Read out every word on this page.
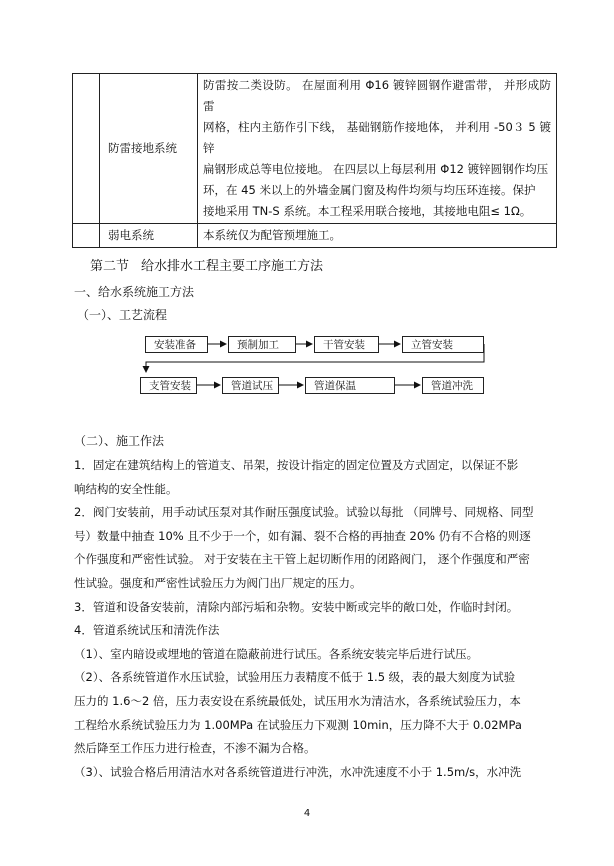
	防雷接地系统	防雷按二类设防。 在屋面利用 Φ16 镀锌圆钢作避雷带， 并形成防雷
网格，柱内主筋作引下线， 基础钢筋作接地体， 并利用 -50３ 5 镀锌
扁钢形成总等电位接地。 在四层以上每层利用 Φ12 镀锌圆钢作均压
环，在 45 米以上的外墙金属门窗及构件均须与均压环连接。保护
接地采用 TN-S 系统。本工程采用联合接地，其接地电阻≤ 1Ω。

	弱电系统	本系统仅为配管预埋施工。
第二节 给水排水工程主要工序施工方法
一、给水系统施工方法
（一）、工艺流程
安装准备	预制加工	干管安装	立管安装
支管安装	管道试压	管道保温	管道冲洗
（二）、施工作法
1．固定在建筑结构上的管道支、吊架，按设计指定的固定位置及方式固定，以保证不影
响结构的安全性能。
2．阀门安装前，用手动试压泵对其作耐压强度试验。试验以每批 （同牌号、同规格、同型
号）数量中抽查 10% 且不少于一个，如有漏、裂不合格的再抽查 20% 仍有不合格的则逐
个作强度和严密性试验。 对于安装在主干管上起切断作用的闭路阀门， 逐个作强度和严密
性试验。强度和严密性试验压力为阀门出厂规定的压力。
3．管道和设备安装前，清除内部污垢和杂物。安装中断或完毕的敞口处，作临时封闭。
4．管道系统试压和清洗作法
（1）、室内暗设或埋地的管道在隐蔽前进行试压。各系统安装完毕后进行试压。
（2）、各系统管道作水压试验，试验用压力表精度不低于 1.5 级，表的最大刻度为试验
压力的 1.6～2 倍，压力表安设在系统最低处，试压用水为清洁水，各系统试验压力，本
工程给水系统试验压力为 1.00MPa 在试验压力下观测 10min，压力降不大于 0.02MPa
然后降至工作压力进行检查，不渗不漏为合格。
（3）、试验合格后用清洁水对各系统管道进行冲洗，水冲洗速度不小于 1.5m/s，水冲洗
4
